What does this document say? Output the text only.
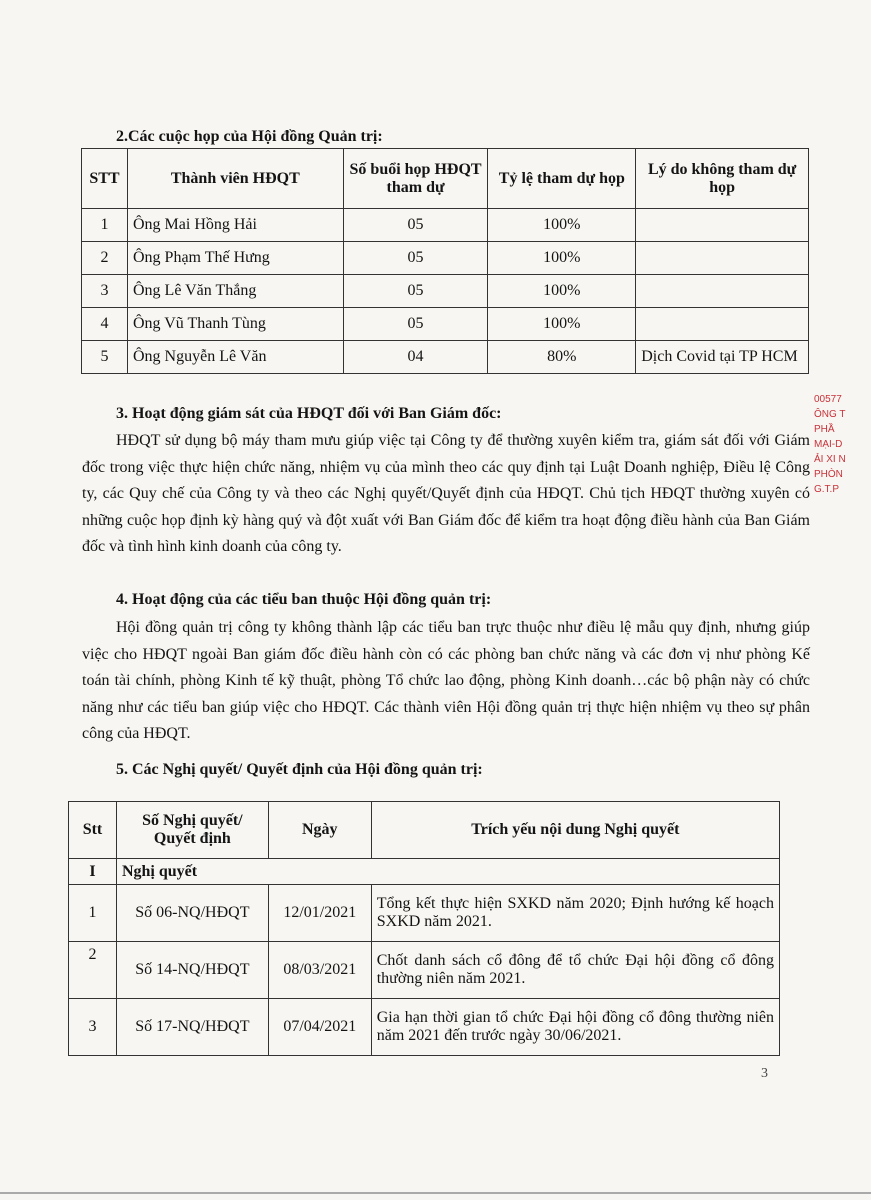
2.Các cuộc họp của Hội đồng Quản trị:
STT	Thành viên HĐQT	Số buổi họp HĐQT tham dự	Tỷ lệ tham dự họp	Lý do không tham dự họp
1	Ông Mai Hồng Hải	05	100%	
2	Ông Phạm Thế Hưng	05	100%	
3	Ông Lê Văn Thắng	05	100%	
4	Ông Vũ Thanh Tùng	05	100%	
5	Ông Nguyễn Lê Văn	04	80%	Dịch Covid tại TP HCM
3. Hoạt động giám sát của HĐQT đối với Ban Giám đốc:
HĐQT sử dụng bộ máy tham mưu giúp việc tại Công ty để thường xuyên kiểm tra, giám sát đối với Giám đốc trong việc thực hiện chức năng, nhiệm vụ của mình theo các quy định tại Luật Doanh nghiệp, Điều lệ Công ty, các Quy chế của Công ty và theo các Nghị quyết/Quyết định của HĐQT. Chủ tịch HĐQT thường xuyên có những cuộc họp định kỳ hàng quý và đột xuất với Ban Giám đốc để kiểm tra hoạt động điều hành của Ban Giám đốc và tình hình kinh doanh của công ty.
4. Hoạt động của các tiểu ban thuộc Hội đồng quản trị:
Hội đồng quản trị công ty không thành lập các tiểu ban trực thuộc như điều lệ mẫu quy định, nhưng giúp việc cho HĐQT ngoài Ban giám đốc điều hành còn có các phòng ban chức năng và các đơn vị như phòng Kế toán tài chính, phòng Kinh tế kỹ thuật, phòng Tổ chức lao động, phòng Kinh doanh…các bộ phận này có chức năng như các tiểu ban giúp việc cho HĐQT. Các thành viên Hội đồng quản trị thực hiện nhiệm vụ theo sự phân công của HĐQT.
5. Các Nghị quyết/ Quyết định của Hội đồng quản trị:
Stt	Số Nghị quyết/ Quyết định	Ngày	Trích yếu nội dung Nghị quyết
I	Nghị quyết		
1	Số 06-NQ/HĐQT	12/01/2021	Tổng kết thực hiện SXKD năm 2020; Định hướng kế hoạch SXKD năm 2021.
2	Số 14-NQ/HĐQT	08/03/2021	Chốt danh sách cổ đông để tổ chức Đại hội đồng cổ đông thường niên năm 2021.
3	Số 17-NQ/HĐQT	07/04/2021	Gia hạn thời gian tổ chức Đại hội đồng cổ đông thường niên năm 2021 đến trước ngày 30/06/2021.
3
00577
ÔNG T
PHẦ
MẠI-D
ẢI XI N
PHÒN
G.T.P
